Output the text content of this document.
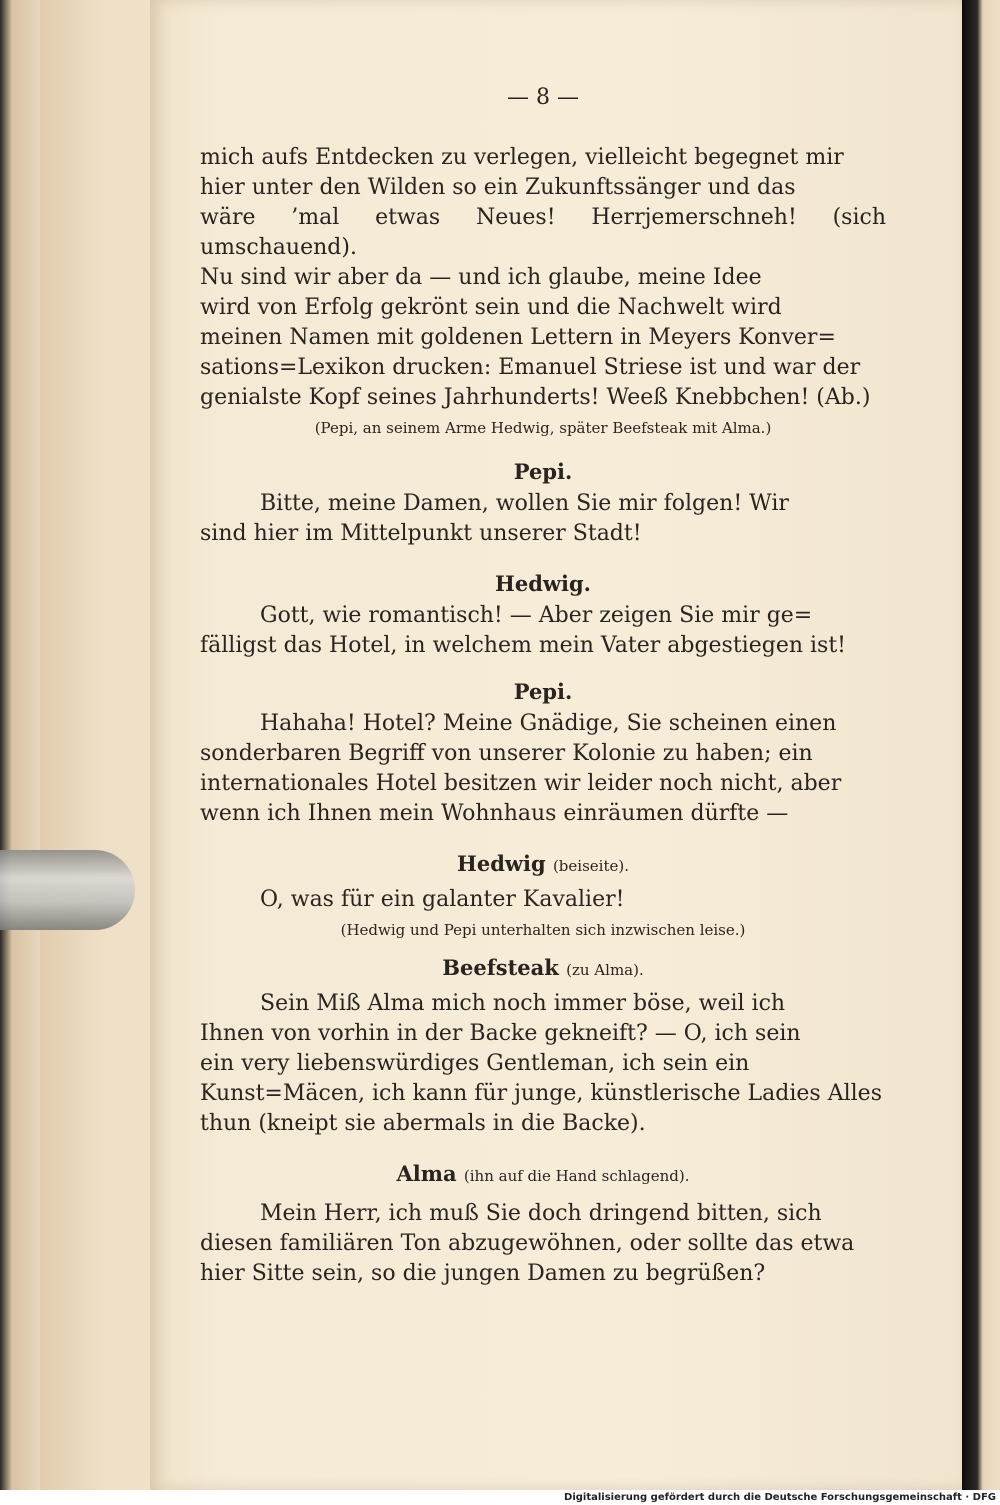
— 8 —

mich aufs Entdecken zu verlegen, vielleicht begegnet mir
hier unter den Wilden so ein Zukunftssänger und das
wäre ’mal etwas Neues! Herrjemerschneh! (sich umschauend).
Nu sind wir aber da — und ich glaube, meine Idee
wird von Erfolg gekrönt sein und die Nachwelt wird
meinen Namen mit goldenen Lettern in Meyers Konver=
sations=Lexikon drucken: Emanuel Striese ist und war der
genialste Kopf seines Jahrhunderts! Weeß Knebbchen! (Ab.)

(Pepi, an seinem Arme Hedwig, später Beefsteak mit Alma.)

Pepi.

Bitte, meine Damen, wollen Sie mir folgen! Wir
sind hier im Mittelpunkt unserer Stadt!

Hedwig.

Gott, wie romantisch! — Aber zeigen Sie mir ge=
fälligst das Hotel, in welchem mein Vater abgestiegen ist!

Pepi.

Hahaha! Hotel? Meine Gnädige, Sie scheinen einen
sonderbaren Begriff von unserer Kolonie zu haben; ein
internationales Hotel besitzen wir leider noch nicht, aber
wenn ich Ihnen mein Wohnhaus einräumen dürfte —

Hedwig (beiseite).

O, was für ein galanter Kavalier!

(Hedwig und Pepi unterhalten sich inzwischen leise.)

Beefsteak (zu Alma).

Sein Miß Alma mich noch immer böse, weil ich
Ihnen von vorhin in der Backe gekneift? — O, ich sein
ein very liebenswürdiges Gentleman, ich sein ein
Kunst=Mäcen, ich kann für junge, künstlerische Ladies Alles
thun (kneipt sie abermals in die Backe).

Alma (ihn auf die Hand schlagend).

Mein Herr, ich muß Sie doch dringend bitten, sich
diesen familiären Ton abzugewöhnen, oder sollte das etwa
hier Sitte sein, so die jungen Damen zu begrüßen?

Digitalisierung gefördert durch die Deutsche Forschungsgemeinschaft · DFG
